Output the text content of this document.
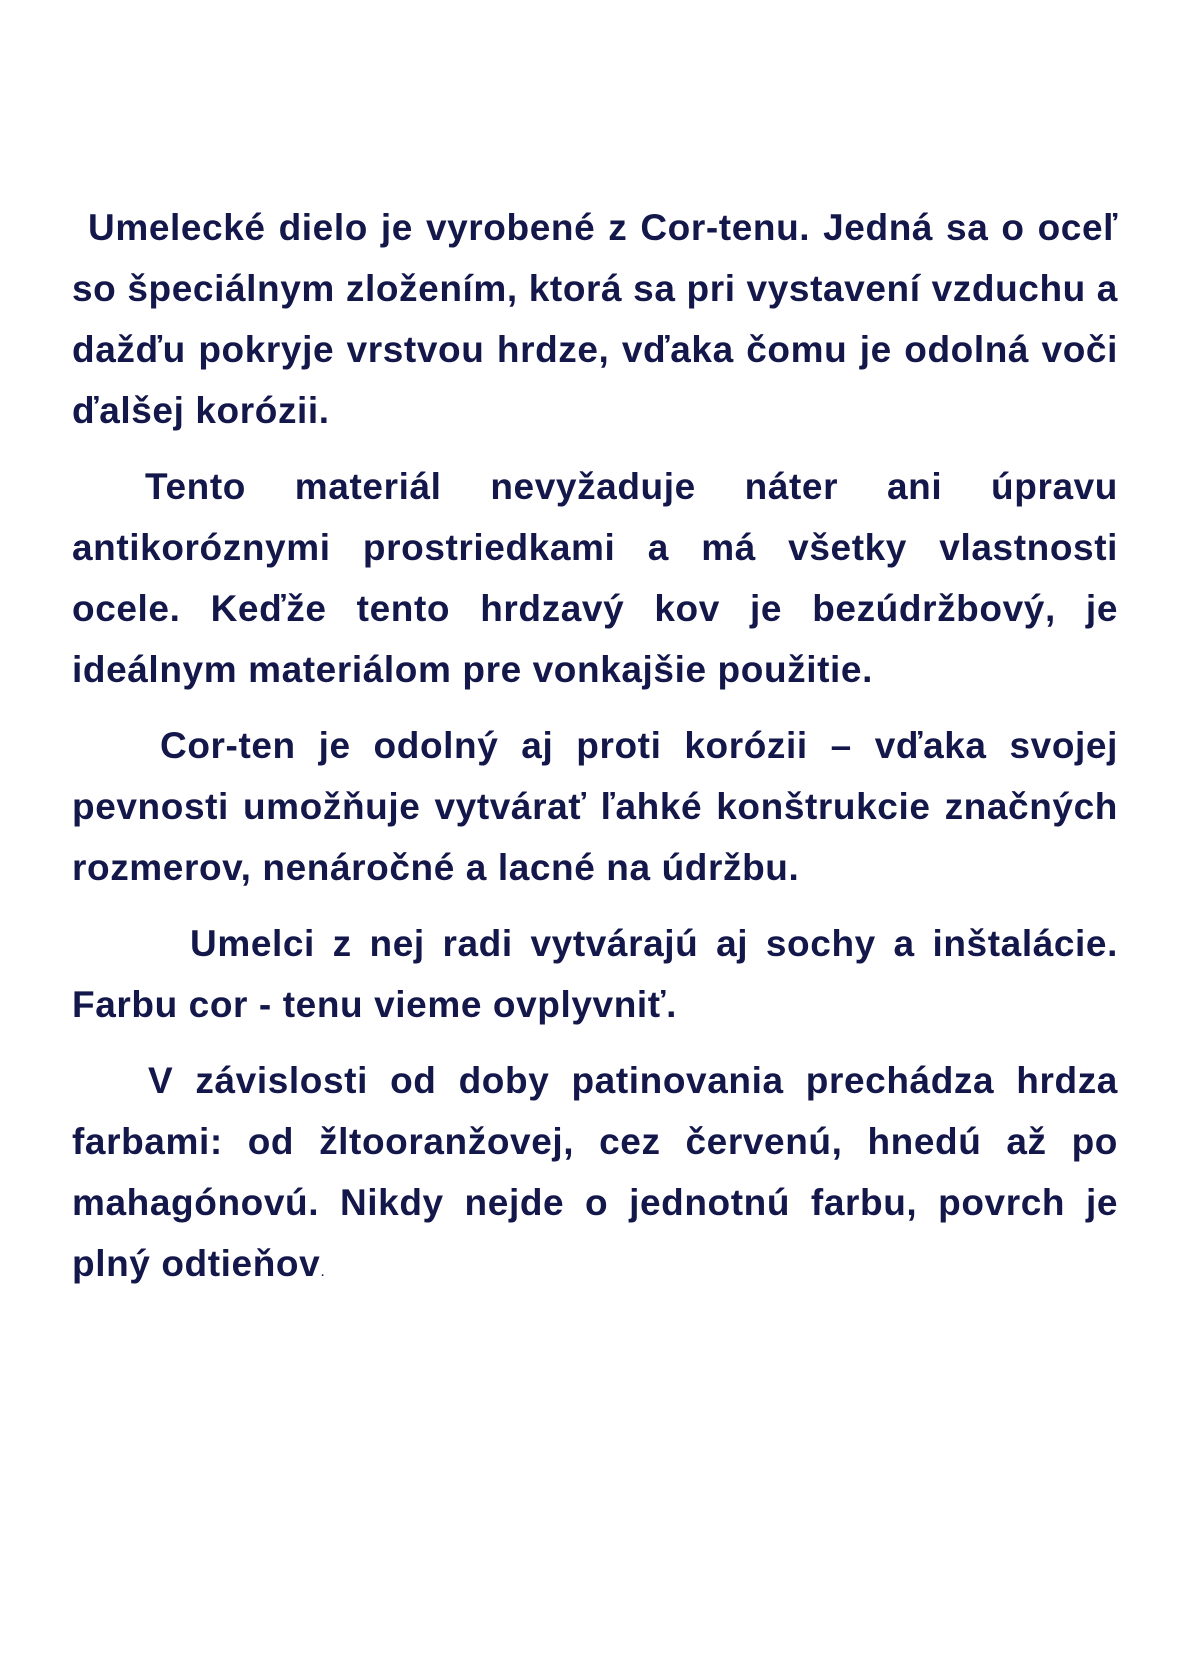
Umelecké dielo je vyrobené z Cor-tenu. Jedná sa o oceľ so špeciálnym zložením, ktorá sa pri vystavení vzduchu a dažďu pokryje vrstvou hrdze, vďaka čomu je odolná voči ďalšej korózii.

Tento materiál nevyžaduje náter ani úpravu antikoróznymi prostriedkami a má všetky vlastnosti ocele. Keďže tento hrdzavý kov je bezúdržbový, je ideálnym materiálom pre vonkajšie použitie.

Cor-ten je odolný aj proti korózii – vďaka svojej pevnosti umožňuje vytvárať ľahké konštrukcie značných rozmerov, nenáročné a lacné na údržbu.

Umelci z nej radi vytvárajú aj sochy a inštalácie. Farbu cor - tenu vieme ovplyvniť.

V závislosti od doby patinovania prechádza hrdza farbami: od žltooranžovej, cez červenú, hnedú až po mahagónovú. Nikdy nejde o jednotnú farbu, povrch je plný odtieňov.
